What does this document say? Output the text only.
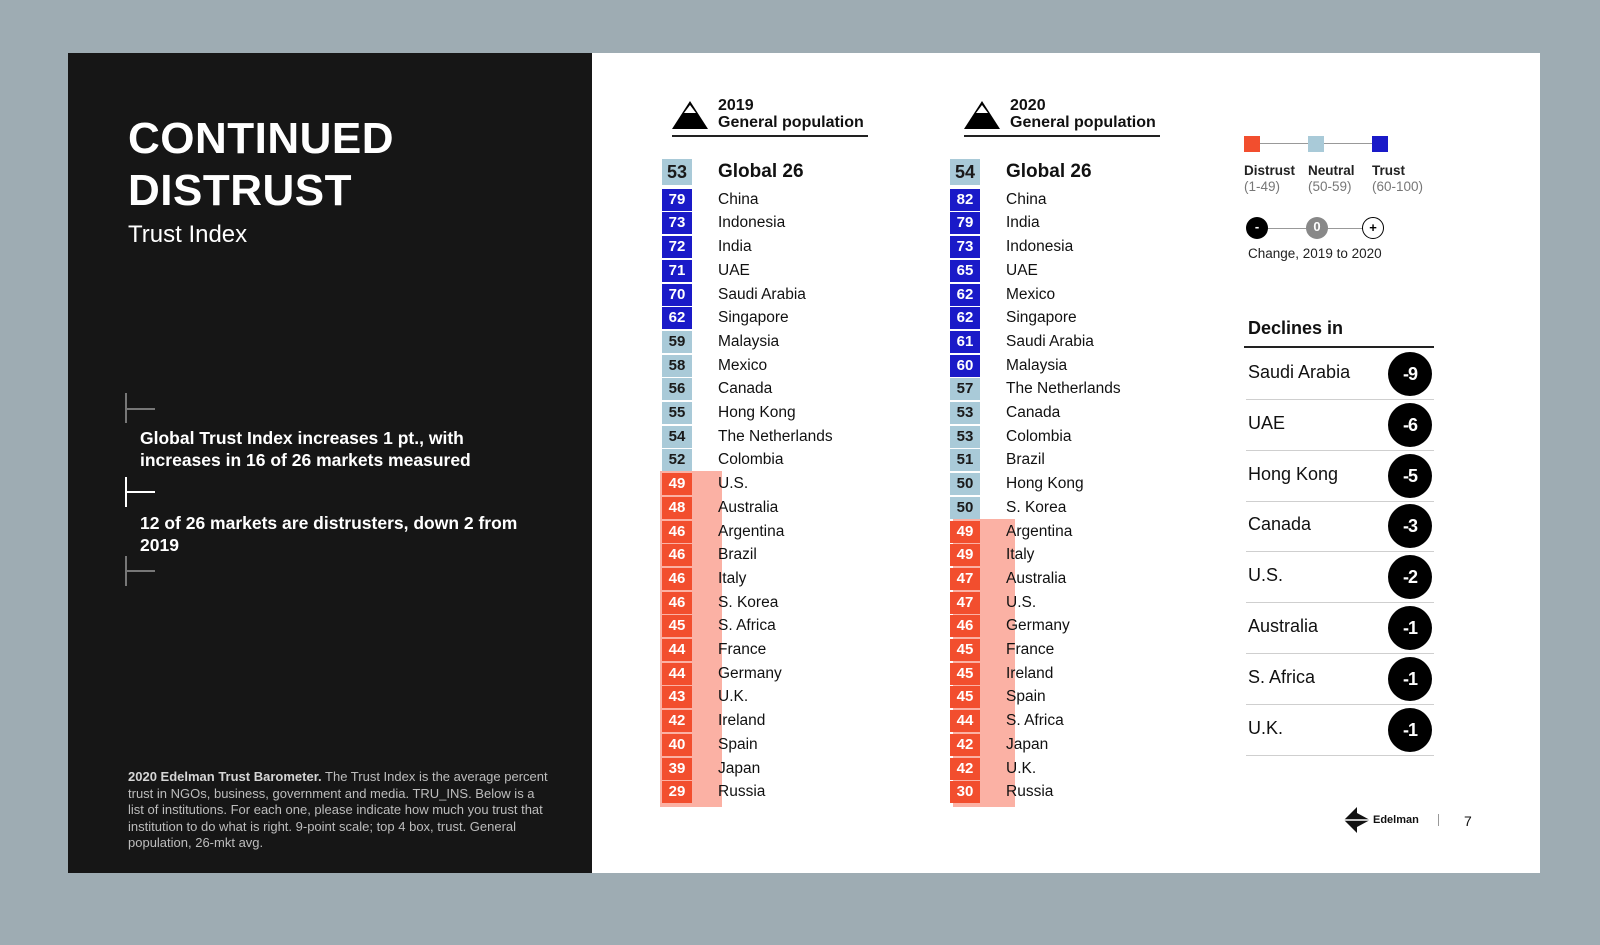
CONTINUED
DISTRUST
Trust Index
Global Trust Index increases 1 pt., with increases in 16 of 26 markets measured
12 of 26 markets are distrusters, down 2 from 2019
2020 Edelman Trust Barometer. The Trust Index is the average percent trust in NGOs, business, government and media. TRU_INS. Below is a list of institutions. For each one, please indicate how much you trust that institution to do what is right. 9-point scale; top 4 box, trust. General population, 26-mkt avg.
2019
General population
53 Global 26
79	China
73	Indonesia
72	India
71	UAE
70	Saudi Arabia
62	Singapore
59	Malaysia
58	Mexico
56	Canada
55	Hong Kong
54	The Netherlands
52	Colombia
49	U.S.
48	Australia
46	Argentina
46	Brazil
46	Italy
46	S. Korea
45	S. Africa
44	France
44	Germany
43	U.K.
42	Ireland
40	Spain
39	Japan
29	Russia
2020
General population
54 Global 26
82	China
79	India
73	Indonesia
65	UAE
62	Mexico
62	Singapore
61	Saudi Arabia
60	Malaysia
57	The Netherlands
53	Canada
53	Colombia
51	Brazil
50	Hong Kong
50	S. Korea
49	Argentina
49	Italy
47	Australia
47	U.S.
46	Germany
45	France
45	Ireland
45	Spain
44	S. Africa
42	Japan
42	U.K.
30	Russia
Distrust Neutral Trust
(1-49) (50-59) (60-100)
-	0	+
Change, 2019 to 2020
Declines in
Saudi Arabia	-9
UAE	-6
Hong Kong	-5
Canada	-3
U.S.	-2
Australia	-1
S. Africa	-1
U.K.	-1
Edelman	7
